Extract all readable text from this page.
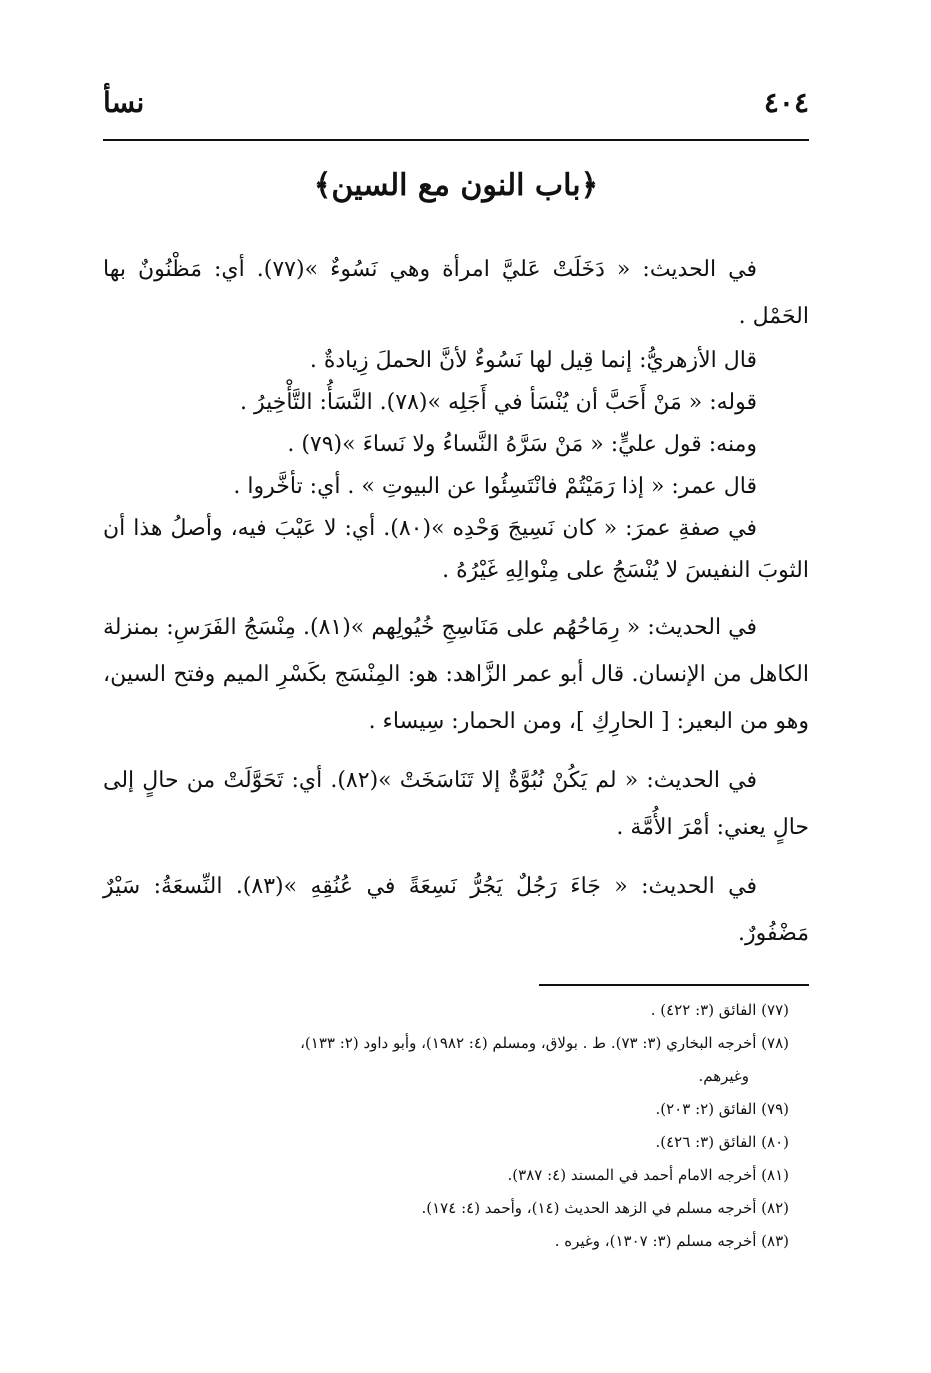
٤٠٤
نسأ
﴿باب النون مع السين﴾

في الحديث: « دَخَلَتْ عَليَّ امرأة وهي نَسُوءٌ »(٧٧). أي: مَظْنُونٌ بها الحَمْل .

قال الأزهريُّ: إنما قِيل لها نَسُوءٌ لأنَّ الحملَ زِيادةٌ .

قوله: « مَنْ أَحَبَّ أن يُنْسَأ في أَجَلِه »(٧٨). النَّسَأُ: التَّأْخِيرُ .

ومنه: قول عليٍّ: « مَنْ سَرَّهُ النَّساءُ ولا نَساءَ »(٧٩) .

قال عمر: « إذا رَمَيْتُمْ فانْتَسِئُوا عن البيوتِ » . أي: تأخَّروا .

في صفةِ عمرَ: « كان نَسِيجَ وَحْدِه »(٨٠). أي: لا عَيْبَ فيه، وأصلُ هذا أن الثوبَ النفيسَ لا يُنْسَجُ على مِنْوالِهِ غَيْرُهُ .

في الحديث: « رِمَاحُهُم على مَنَاسِجِ خُيُولِهم »(٨١). مِنْسَجُ الفَرَسِ: بمنزلة الكاهل من الإنسان. قال أبو عمر الزَّاهد: هو: المِنْسَج بكَسْرِ الميم وفتح السين، وهو من البعير: [ الحارِكِ ]، ومن الحمار: سِيساء .

في الحديث: « لم يَكُنْ نُبُوَّةٌ إلا تَنَاسَخَتْ »(٨٢). أي: تَحَوَّلَتْ من حالٍ إلى حالٍ يعني: أمْرَ الأُمَّة .

في الحديث: « جَاءَ رَجُلٌ يَجُرُّ نَسِعَةً في عُنُقِهِ »(٨٣). النِّسعَةُ: سَيْرٌ مَضْفُورٌ.

(٧٧) الفائق (٣: ٤٢٢) .

(٧٨) أخرجه البخاري (٣: ٧٣). ط . بولاق، ومسلم (٤: ١٩٨٢)، وأبو داود (٢: ١٣٣)،
وغيرهم.

(٧٩) الفائق (٢: ٢٠٣).

(٨٠) الفائق (٣: ٤٢٦).

(٨١) أخرجه الامام أحمد في المسند (٤: ٣٨٧).

(٨٢) أخرجه مسلم في الزهد الحديث (١٤)، وأحمد (٤: ١٧٤).

(٨٣) أخرجه مسلم (٣: ١٣٠٧)، وغيره .
